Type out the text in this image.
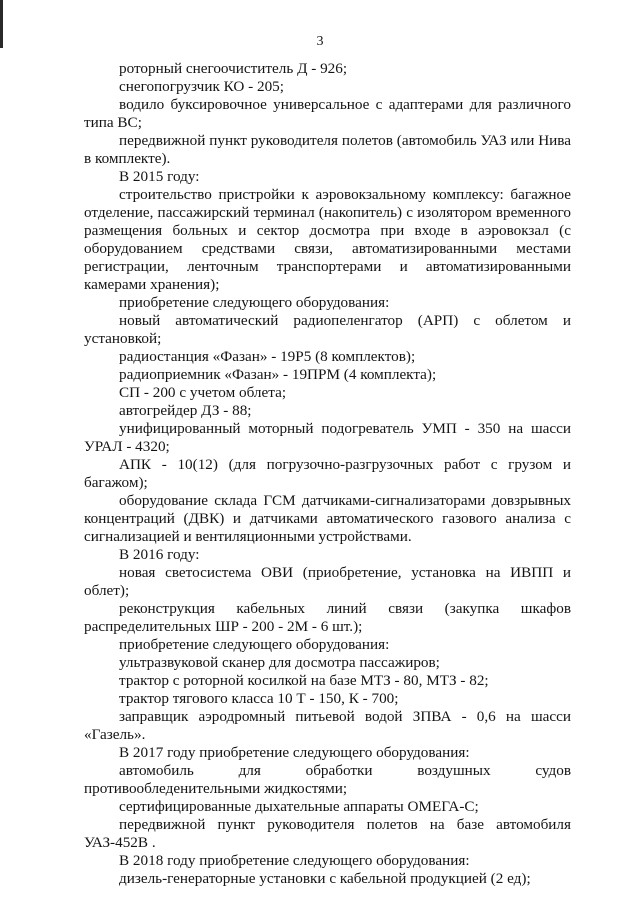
3

роторный снегоочиститель Д - 926;

снегопогрузчик КО - 205;

водило буксировочное универсальное с адаптерами для различного типа ВС;

передвижной пункт руководителя полетов (автомобиль УАЗ или Нива в комплекте).

В 2015 году:

строительство пристройки к аэровокзальному комплексу: багажное отделение, пассажирский терминал (накопитель) с изолятором временного размещения больных и сектор досмотра при входе в аэровокзал (с оборудованием средствами связи, автоматизированными местами регистрации, ленточным транспортерами и автоматизированными камерами хранения);

приобретение следующего оборудования:

новый автоматический радиопеленгатор (АРП) с облетом и установкой;

радиостанция «Фазан» - 19Р5 (8 комплектов);

радиоприемник «Фазан» - 19ПРМ (4 комплекта);

СП - 200 с учетом облета;

автогрейдер ДЗ - 88;

унифицированный моторный подогреватель УМП - 350 на шасси УРАЛ - 4320;

АПК - 10(12) (для погрузочно-разгрузочных работ с грузом и багажом);

оборудование склада ГСМ датчиками-сигнализаторами довзрывных концентраций (ДВК) и датчиками автоматического газового анализа с сигнализацией и вентиляционными устройствами.

В 2016 году:

новая светосистема ОВИ (приобретение, установка на ИВПП и облет);

реконструкция кабельных линий связи (закупка шкафов распределительных ШР - 200 - 2М - 6 шт.);

приобретение следующего оборудования:

ультразвуковой сканер для досмотра пассажиров;

трактор с роторной косилкой на базе МТЗ - 80, МТЗ - 82;

трактор тягового класса 10 Т - 150, К - 700;

заправщик аэродромный питьевой водой ЗПВА - 0,6 на шасси «Газель».

В 2017 году приобретение следующего оборудования:

автомобиль для обработки воздушных судов противообледенительными жидкостями;

сертифицированные дыхательные аппараты ОМЕГА-С;

передвижной пункт руководителя полетов на базе автомобиля УАЗ-452В .

В 2018 году приобретение следующего оборудования:

дизель-генераторные установки с кабельной продукцией (2 ед);
